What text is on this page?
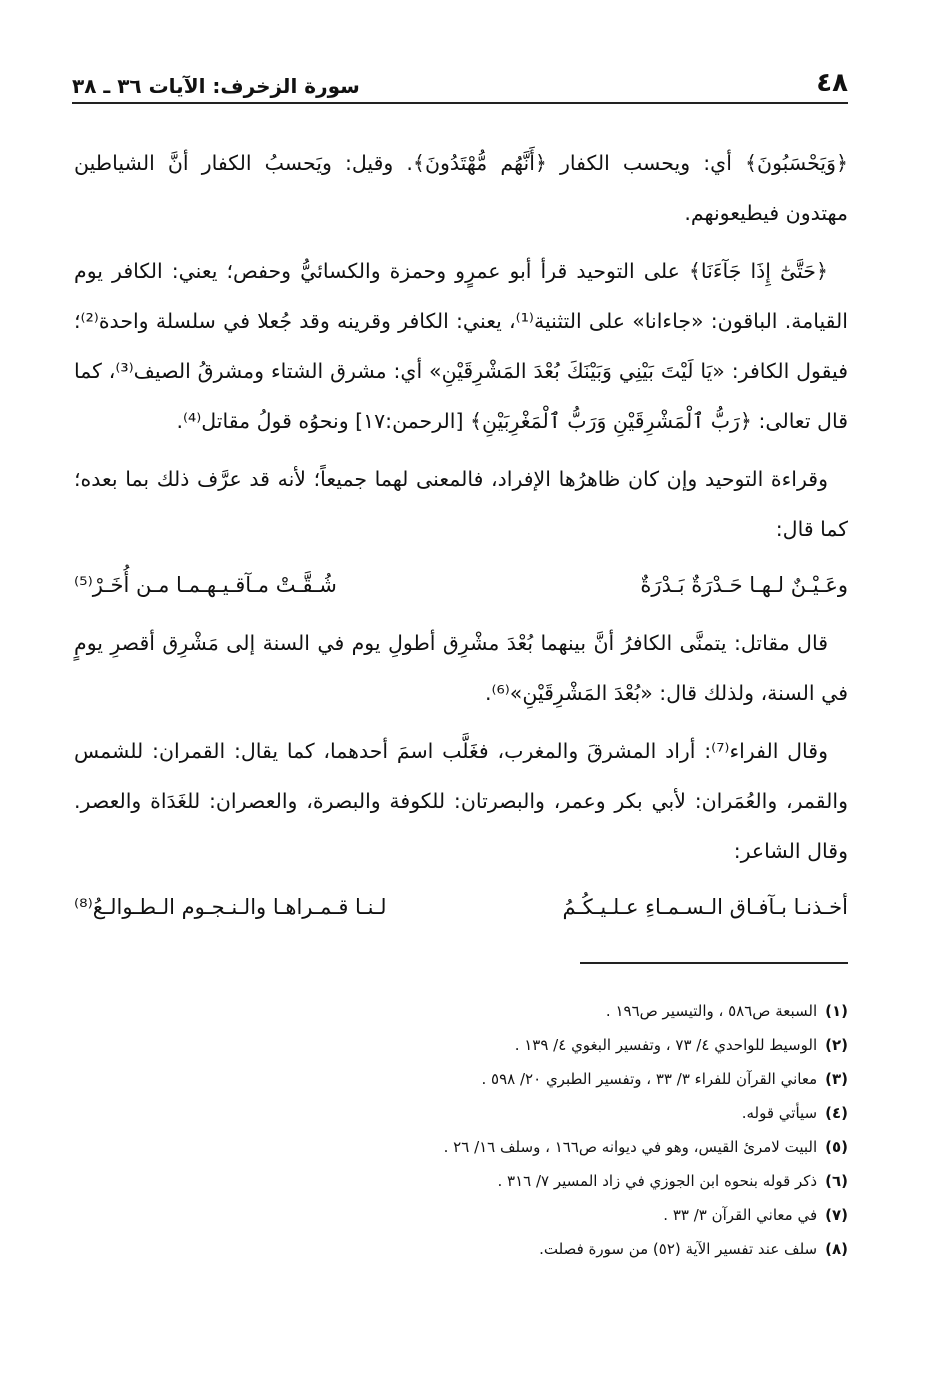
٤٨
سورة الزخرف: الآيات ٣٦ ـ ٣٨

﴿وَيَحْسَبُونَ﴾ أي: ويحسب الكفار ﴿أَنَّهُم مُّهْتَدُونَ﴾. وقيل: ويَحسبُ الكفار أنَّ الشياطين مهتدون فيطيعونهم.

﴿حَتَّىٰٓ إِذَا جَآءَنَا﴾ على التوحيد قرأ أبو عمرٍو وحمزة والكسائيُّ وحفص؛ يعني: الكافر يوم القيامة. الباقون: «جاءانا» على التثنية⁽¹⁾، يعني: الكافر وقرينه وقد جُعلا في سلسلة واحدة⁽²⁾؛ فيقول الكافر: «يَا لَيْتَ بَيْنِي وَبَيْنَكَ بُعْدَ المَشْرِقَيْنِ» أي: مشرق الشتاء ومشرقُ الصيف⁽³⁾، كما قال تعالى: ﴿رَبُّ ٱلْمَشْرِقَيْنِ وَرَبُّ ٱلْمَغْرِبَيْنِ﴾ [الرحمن:١٧] ونحوُه قولُ مقاتل⁽⁴⁾.

وقراءة التوحيد وإن كان ظاهرُها الإفراد، فالمعنى لهما جميعاً؛ لأنه قد عرَّف ذلك بما بعده؛ كما قال:

وعَـيْـنٌ لـهـا حَـدْرَةٌ بَـدْرَةٌ
شُـقَّـتْ مـآقـيـهـمـا مـن أُخَـرْ⁽⁵⁾

قال مقاتل: يتمنَّى الكافرُ أنَّ بينهما بُعْدَ مشْرِق أطولِ يوم في السنة إلى مَشْرِق أقصرِ يومٍ في السنة، ولذلك قال: «بُعْدَ المَشْرِقَيْنِ»⁽⁶⁾.

وقال الفراء⁽⁷⁾: أراد المشرقَ والمغرب، فغَلَّب اسمَ أحدهما، كما يقال: القمران: للشمس والقمر، والعُمَران: لأبي بكر وعمر، والبصرتان: للكوفة والبصرة، والعصران: للغَدَاة والعصر. وقال الشاعر:

أخـذنـا بـآفـاق الـسـمـاءِ عـلـيـكُـمُ
لـنـا قـمـراهـا والـنـجـوم الـطـوالـعُ⁽⁸⁾
(١)السبعة ص٥٨٦ ، والتيسير ص١٩٦ .
(٢)الوسيط للواحدي ٤/ ٧٣ ، وتفسير البغوي ٤/ ١٣٩ .
(٣)معاني القرآن للفراء ٣/ ٣٣ ، وتفسير الطبري ٢٠/ ٥٩٨ .
(٤)سيأتي قوله.
(٥)البيت لامرئ القيس، وهو في ديوانه ص١٦٦ ، وسلف ١٦/ ٢٦ .
(٦)ذكر قوله بنحوه ابن الجوزي في زاد المسير ٧/ ٣١٦ .
(٧)في معاني القرآن ٣/ ٣٣ .
(٨)سلف عند تفسير الآية (٥٢) من سورة فصلت.
